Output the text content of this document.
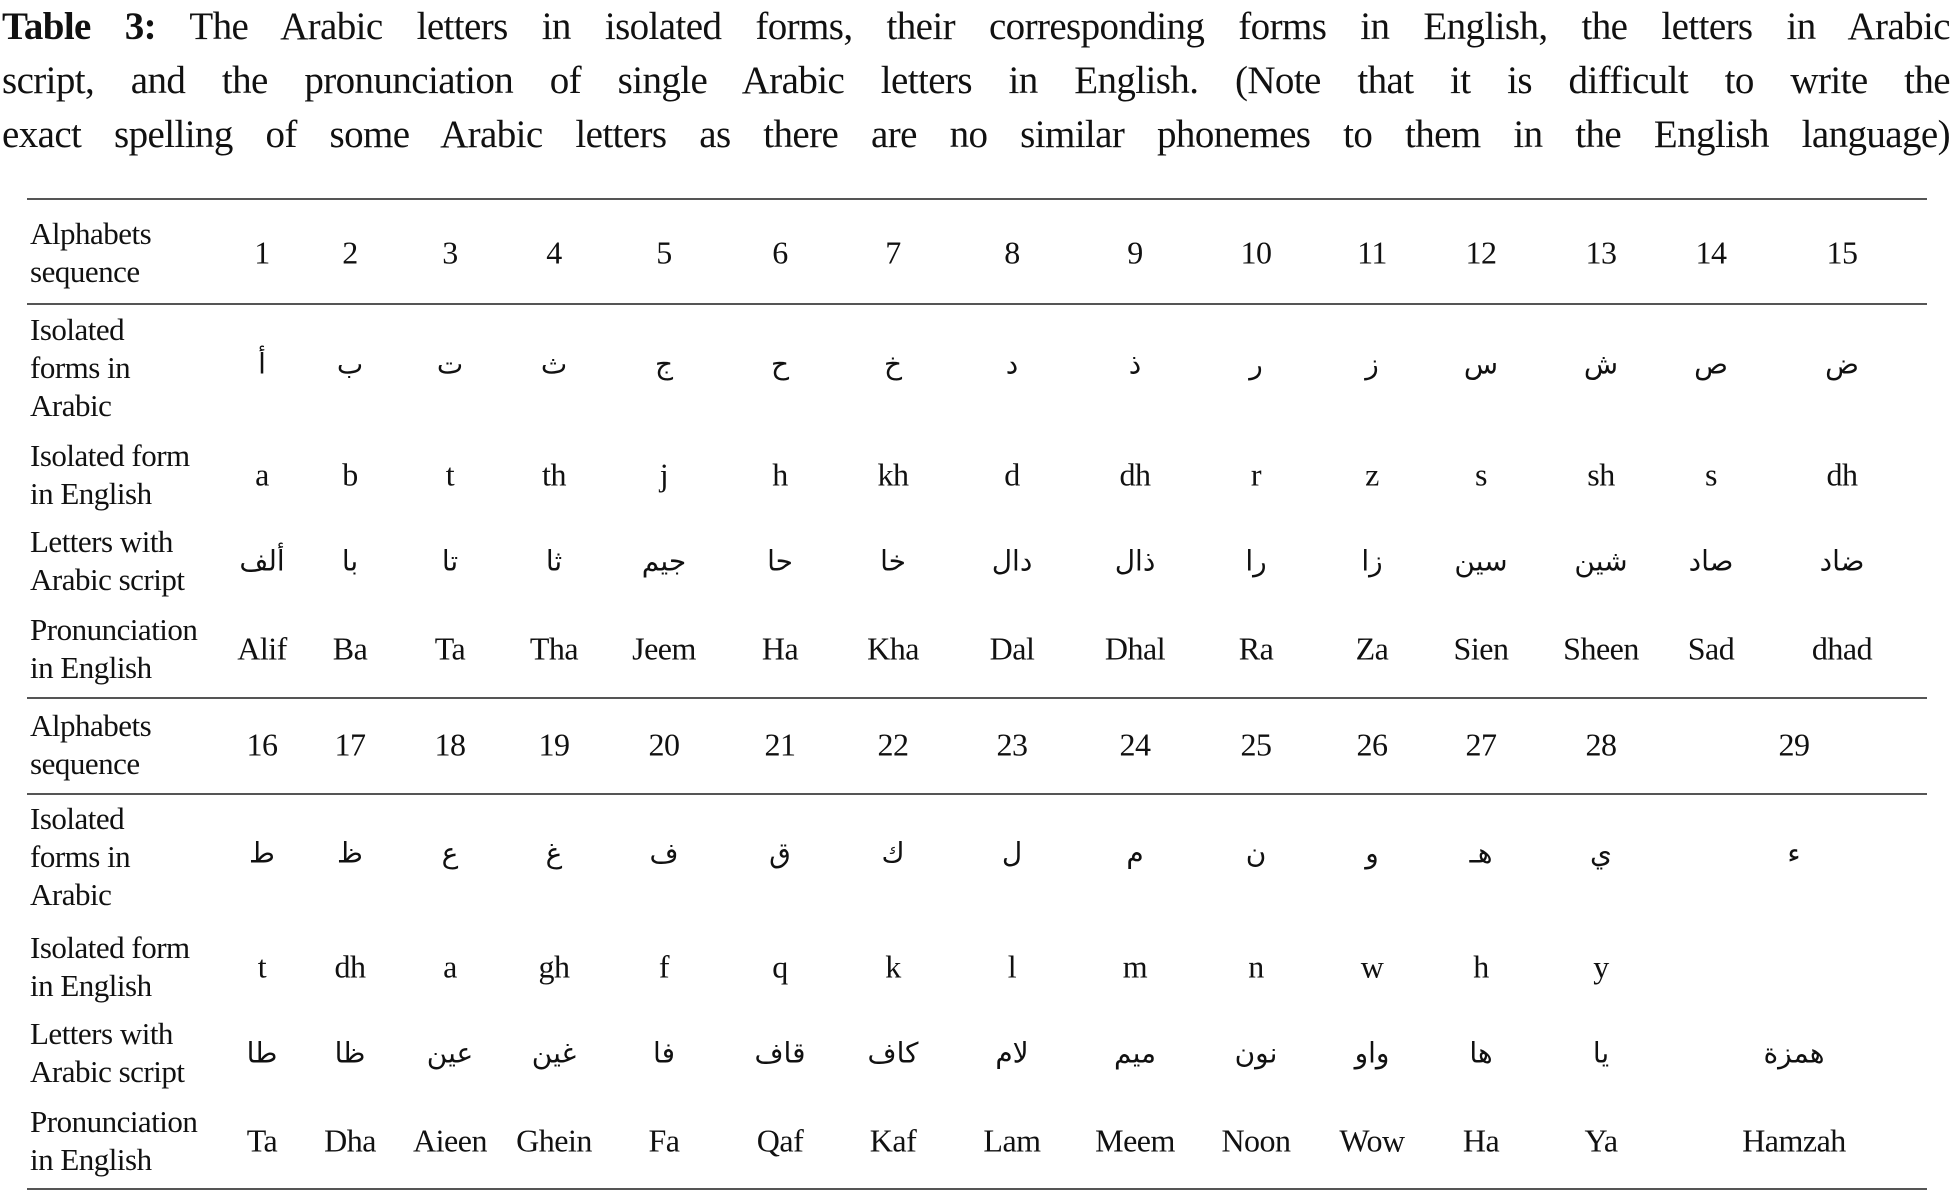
Table 3: The Arabic letters in isolated forms, their corresponding forms in English, the letters in Arabic
script, and the pronunciation of single Arabic letters in English. (Note that it is difficult to write the
exact spelling of some Arabic letters as there are no similar phonemes to them in the English language)
Alphabets
sequence
1 2	3	4	5	6	7	8	9	10	11 12	13 14	15
Isolated
forms in
Arabic
أ	ب	ت	ث	ج	ح	خ	د	ذ	ر	ز	س	ش	ص	ض
Isolated form
in English
a b	t	th	j	h	kh	d	dh	r	z	s	sh	s	dh
Letters with
Arabic script
ألف با	تا	ثا	جيم	حا	خا	دال	ذال	را	زا	سين شين صاد	ضاد
Pronunciation
in English
Alif Ba Ta Tha Jeem Ha Kha Dal Dhal Ra	Za Sien Sheen Sad dhad
Alphabets
sequence
16 17 18 19 20	21	22	23	24	25	26 27	28	29
Isolated
forms in
Arabic
ط ظ	ع	غ	ف	ق	ك	ل	م	ن	و	هـ	ي	ء
Isolated form
in English
t dh a	gh	f	q	k	l	m	n	w	h	y
Letters with
Arabic script
طا ظا عين غين	فا	قاف كاف	لام	ميم	نون	واو	ها	يا	همزة
Pronunciation
in English
Ta Dha Aieen Ghein Fa Qaf Kaf Lam Meem Noon Wow Ha	Ya	Hamzah
